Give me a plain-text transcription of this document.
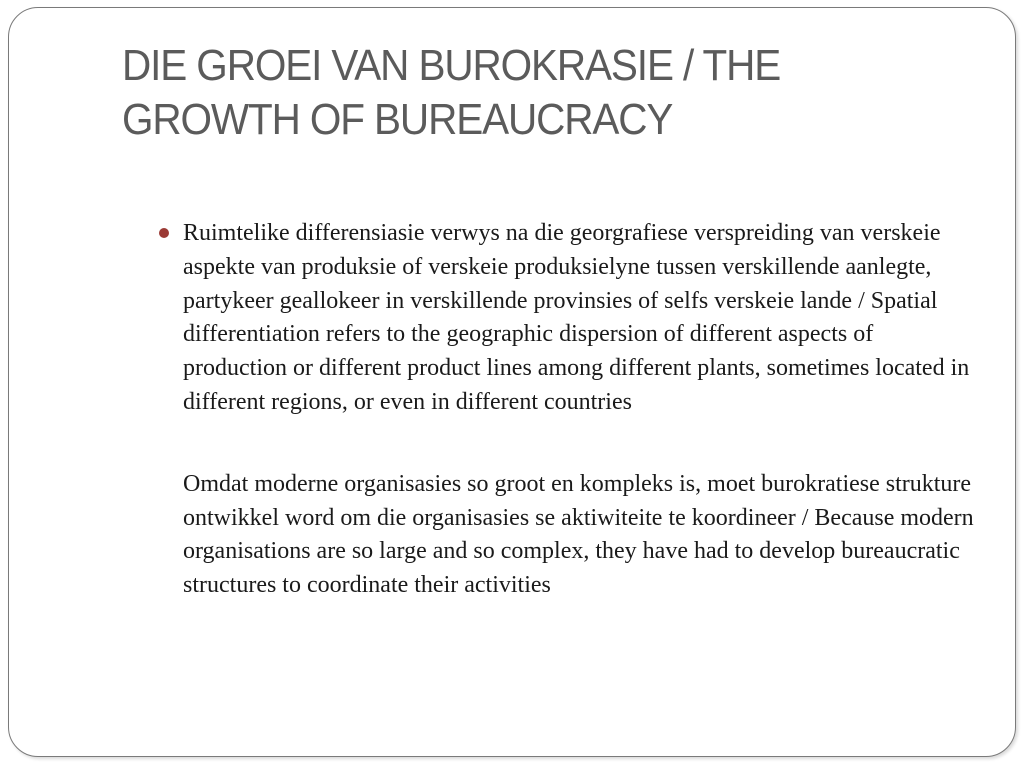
DIE GROEI VAN BUROKRASIE / THE GROWTH OF BUREAUCRACY

Ruimtelike differensiasie verwys na die georgrafiese verspreiding van verskeie aspekte van produksie of verskeie produksielyne tussen verskillende aanlegte, partykeer geallokeer in verskillende provinsies of selfs verskeie lande / Spatial differentiation refers to the geographic dispersion of different aspects of production or different product lines among different plants, sometimes located in different regions, or even in different countries

Omdat moderne organisasies so groot en kompleks is, moet burokratiese strukture ontwikkel word om die organisasies se aktiwiteite te koordineer / Because modern organisations are so large and so complex, they have had to develop bureaucratic structures to coordinate their activities
